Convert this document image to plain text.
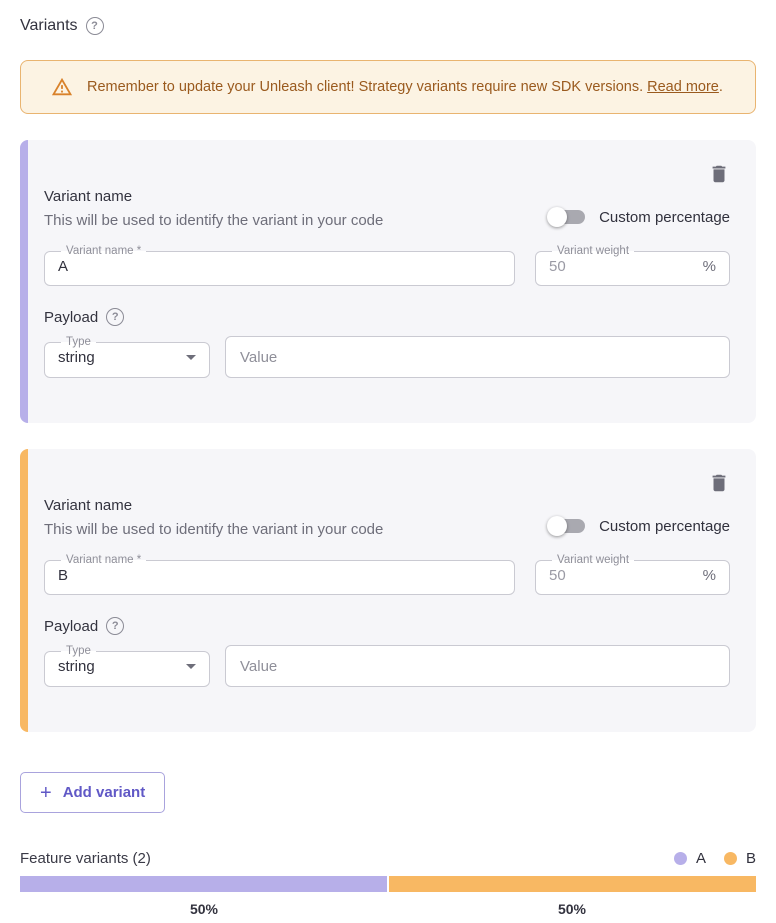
Variants	?
Remember to update your Unleash client! Strategy variants require new SDK versions. Read more.

Variant name

This will be used to identify the variant in your code	Custom percentage
Variant name *
A	Variant weight
50
%
Payload	?
Type
string
Value

Variant name

This will be used to identify the variant in your code	Custom percentage
Variant name *
B	Variant weight
50
%
Payload	?
Type
string
Value
+ Add variant
Feature variants (2)	A	B
50%	50%
